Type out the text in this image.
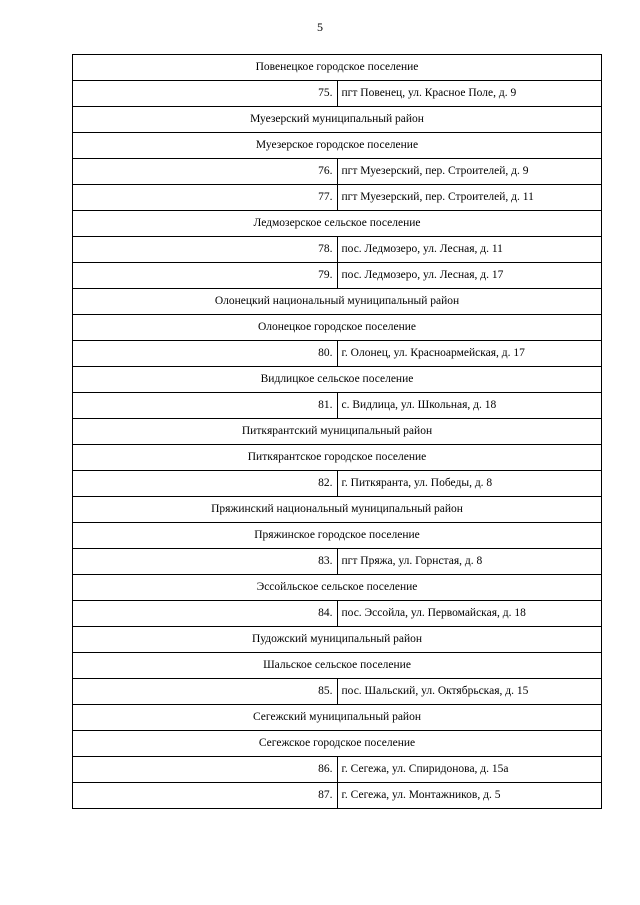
5
Повенецкое городское поселение	
75.	пгт Повенец, ул. Красное Поле, д. 9
Муезерский муниципальный район	
Муезерское городское поселение	
76.	пгт Муезерский, пер. Строителей, д. 9
77.	пгт Муезерский, пер. Строителей, д. 11
Ледмозерское сельское поселение	
78.	пос. Ледмозеро, ул. Лесная, д. 11
79.	пос. Ледмозеро, ул. Лесная, д. 17
Олонецкий национальный муниципальный район	
Олонецкое городское поселение	
80.	г. Олонец, ул. Красноармейская, д. 17
Видлицкое сельское поселение	
81.	с. Видлица, ул. Школьная, д. 18
Питкярантский муниципальный район	
Питкярантское городское поселение	
82.	г. Питкяранта, ул. Победы, д. 8
Пряжинский национальный муниципальный район	
Пряжинское городское поселение	
83.	пгт Пряжа, ул. Горнстая, д. 8
Эссойльское сельское поселение	
84.	пос. Эссойла, ул. Первомайская, д. 18
Пудожский муниципальный район	
Шальское сельское поселение	
85.	пос. Шальский, ул. Октябрьская, д. 15
Сегежский муниципальный район	
Сегежское городское поселение	
86.	г. Сегежа, ул. Спиридонова, д. 15а
87.	г. Сегежа, ул. Монтажников, д. 5
